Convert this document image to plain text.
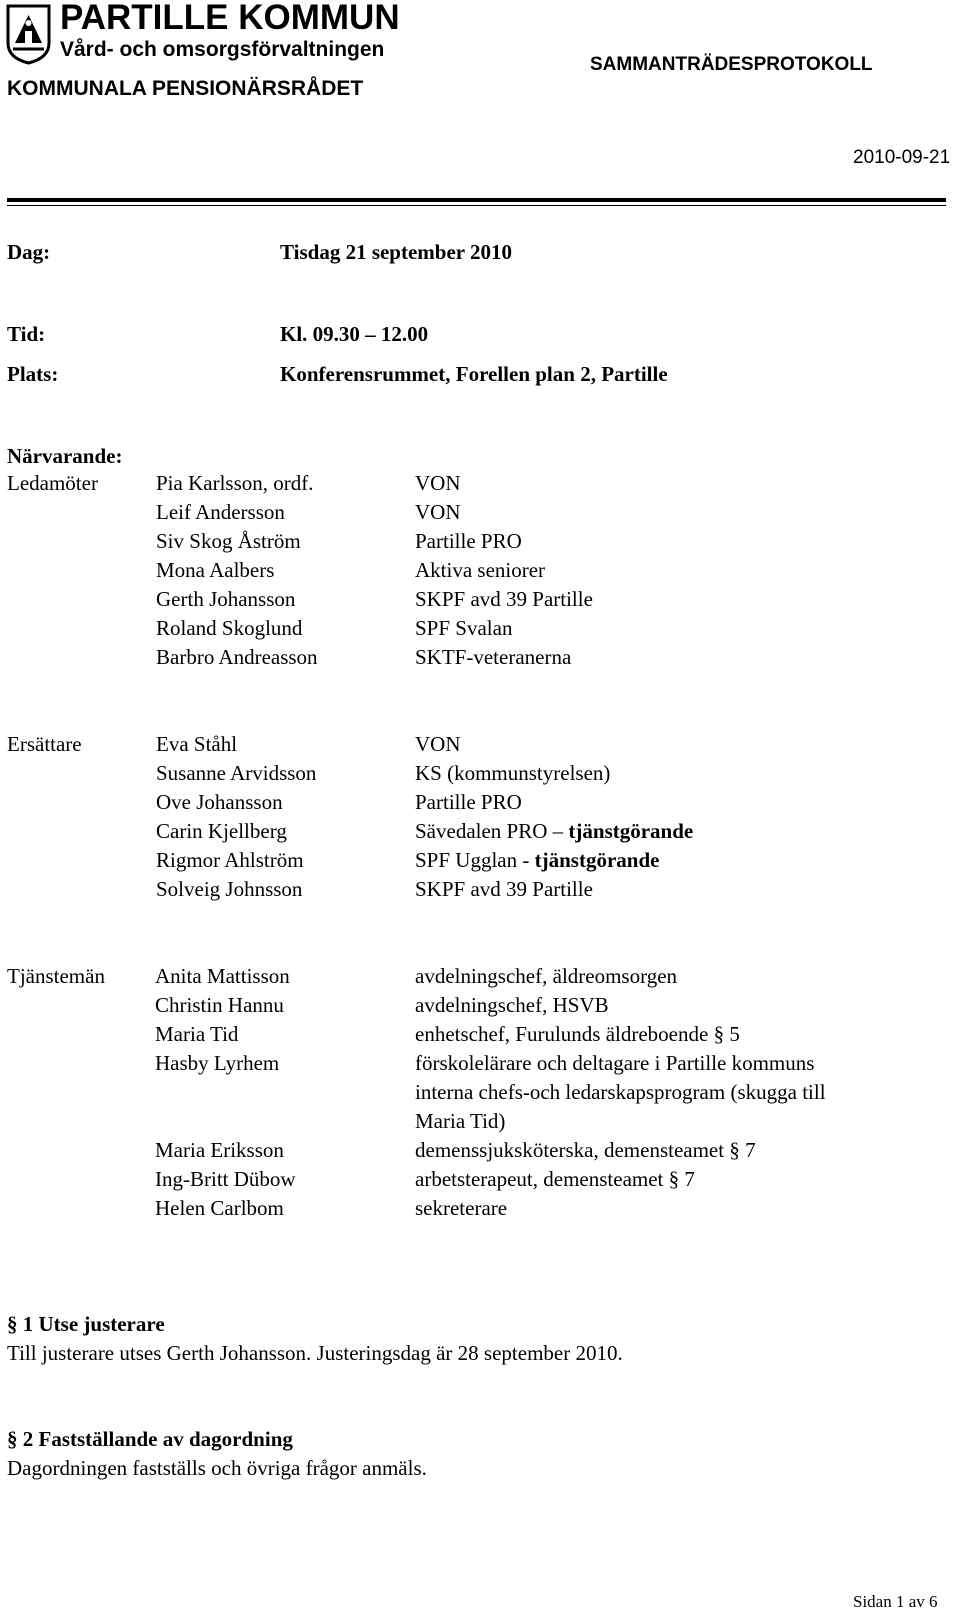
PARTILLE KOMMUN
Vård- och omsorgsförvaltningen
KOMMUNALA PENSIONÄRSRÅDET
SAMMANTRÄDESPROTOKOLL
2010-09-21
Dag:	Tisdag 21 september 2010
Tid:	Kl. 09.30 – 12.00
Plats:	Konferensrummet, Forellen plan 2, Partille
Närvarande:
Ledamöter	Pia Karlsson, ordf.	VON
Leif Andersson	VON
Siv Skog Åström	Partille PRO
Mona Aalbers	Aktiva seniorer
Gerth Johansson	SKPF avd 39 Partille
Roland Skoglund	SPF Svalan
Barbro Andreasson	SKTF-veteranerna
Ersättare	Eva Ståhl	VON
Susanne Arvidsson	KS (kommunstyrelsen)
Ove Johansson	Partille PRO
Carin Kjellberg	Sävedalen PRO – tjänstgörande
Rigmor Ahlström	SPF Ugglan - tjänstgörande
Solveig Johnsson	SKPF avd 39 Partille
Tjänstemän Anita Mattisson	avdelningschef, äldreomsorgen
Christin Hannu	avdelningschef, HSVB
Maria Tid	enhetschef, Furulunds äldreboende § 5
Hasby Lyrhem	förskolelärare och deltagare i Partille kommuns
interna chefs-och ledarskapsprogram (skugga till
Maria Tid)
Maria Eriksson	demenssjuksköterska, demensteamet § 7
Ing-Britt Dübow	arbetsterapeut, demensteamet § 7
Helen Carlbom	sekreterare
§ 1 Utse justerare
Till justerare utses Gerth Johansson. Justeringsdag är 28 september 2010.
§ 2 Fastställande av dagordning
Dagordningen fastställs och övriga frågor anmäls.
Sidan 1 av 6
